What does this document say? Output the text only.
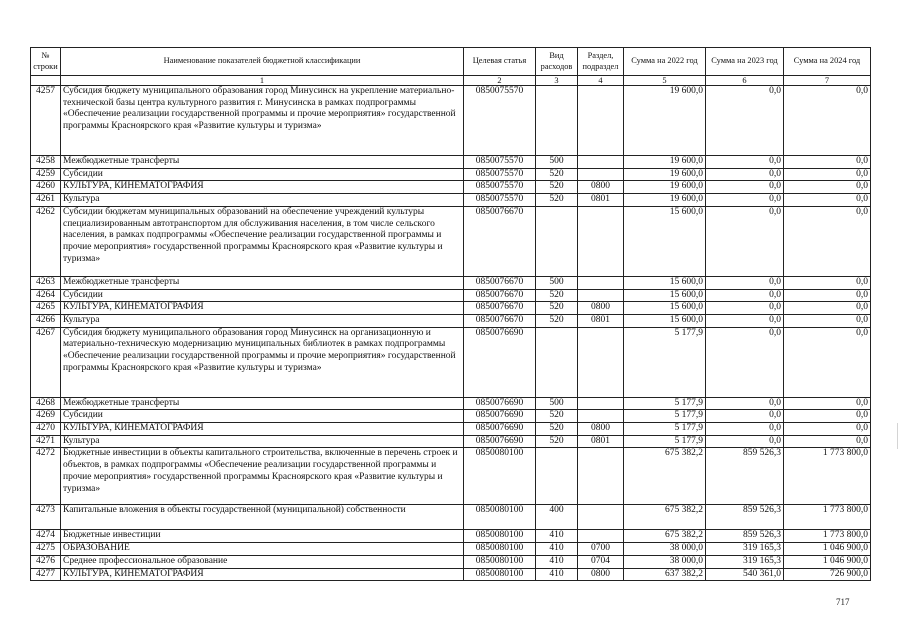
№ строки	Наименование показателей бюджетной классификации	Целевая статья	Вид расходов	Раздел, подраздел	Сумма на 2022 год	Сумма на 2023 год	Сумма на 2024 год
	1	2	3	4	5	6	7
4257	Субсидия бюджету муниципального образования город Минусинск на укрепление материально-технической базы центра культурного развития г. Минусинска в рамках подпрограммы «Обеспечение реализации государственной программы и прочие мероприятия» государственной программы Красноярского края «Развитие культуры и туризма»	0850075570			19 600,0	0,0	0,0
4258	Межбюджетные трансферты	0850075570	500		19 600,0	0,0	0,0
4259	Субсидии	0850075570	520		19 600,0	0,0	0,0
4260	КУЛЬТУРА, КИНЕМАТОГРАФИЯ	0850075570	520	0800	19 600,0	0,0	0,0
4261	Культура	0850075570	520	0801	19 600,0	0,0	0,0
4262	Субсидии бюджетам муниципальных образований на обеспечение учреждений культуры специализированным автотранспортом для обслуживания населения, в том числе сельского населения, в рамках подпрограммы «Обеспечение реализации государственной программы и прочие мероприятия» государственной программы Красноярского края «Развитие культуры и туризма»	0850076670			15 600,0	0,0	0,0
4263	Межбюджетные трансферты	0850076670	500		15 600,0	0,0	0,0
4264	Субсидии	0850076670	520		15 600,0	0,0	0,0
4265	КУЛЬТУРА, КИНЕМАТОГРАФИЯ	0850076670	520	0800	15 600,0	0,0	0,0
4266	Культура	0850076670	520	0801	15 600,0	0,0	0,0
4267	Субсидия бюджету муниципального образования город Минусинск на организационную и материально-техническую модернизацию муниципальных библиотек в рамках подпрограммы «Обеспечение реализации государственной программы и прочие мероприятия» государственной программы Красноярского края «Развитие культуры и туризма»	0850076690			5 177,9	0,0	0,0
4268	Межбюджетные трансферты	0850076690	500		5 177,9	0,0	0,0
4269	Субсидии	0850076690	520		5 177,9	0,0	0,0
4270	КУЛЬТУРА, КИНЕМАТОГРАФИЯ	0850076690	520	0800	5 177,9	0,0	0,0
4271	Культура	0850076690	520	0801	5 177,9	0,0	0,0
4272	Бюджетные инвестиции в объекты капитального строительства, включенные в перечень строек и объектов, в рамках подпрограммы «Обеспечение реализации государственной программы и прочие мероприятия» государственной программы Красноярского края «Развитие культуры и туризма»	0850080100			675 382,2	859 526,3	1 773 800,0
4273	Капитальные вложения в объекты государственной (муниципальной) собственности	0850080100	400		675 382,2	859 526,3	1 773 800,0
4274	Бюджетные инвестиции	0850080100	410		675 382,2	859 526,3	1 773 800,0
4275	ОБРАЗОВАНИЕ	0850080100	410	0700	38 000,0	319 165,3	1 046 900,0
4276	Среднее профессиональное образование	0850080100	410	0704	38 000,0	319 165,3	1 046 900,0
4277	КУЛЬТУРА, КИНЕМАТОГРАФИЯ	0850080100	410	0800	637 382,2	540 361,0	726 900,0
717
